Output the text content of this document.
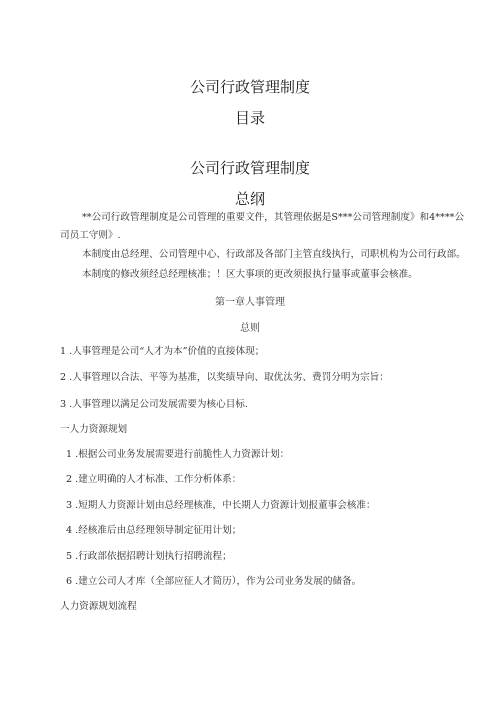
公司行政管理制度
目录
公司行政管理制度
总纲
**公司行政管理制度是公司管理的重要文件，其管理依据是S***公司管理制度》和4****公
司员工守则》.
本制度由总经理、公司管理中心、行政部及各部门主管直线执行，司职机构为公司行政部。
本制度的修改须经总经理核准；！区大事项的更改须报执行量事或董事会核准。
第一章人事管理
总则
1 .人事管理是公司“人才为本”价值的直接体现；
2 .人事管理以合法、平等为基准，以奖绩导向、取优汰劣、费罚分明为宗旨：
3 .人事管理以满足公司发展需要为核心目标.
一人力资源规划
1 .根据公司业务发展需要进行前脆性人力资源计划：
2 .建立明确的人才标准、工作分析体系：
3 .短期人力资源计划由总经理核准，中长期人力资源计划报董事会核准：
4 .经核准后由总经理领导制定征用计划；
5 .行政部依据招聘计划执行招聘流程；
6 .建立公司人才库（全部应征人才简历），作为公司业务发展的储备。
人力资源规划流程
